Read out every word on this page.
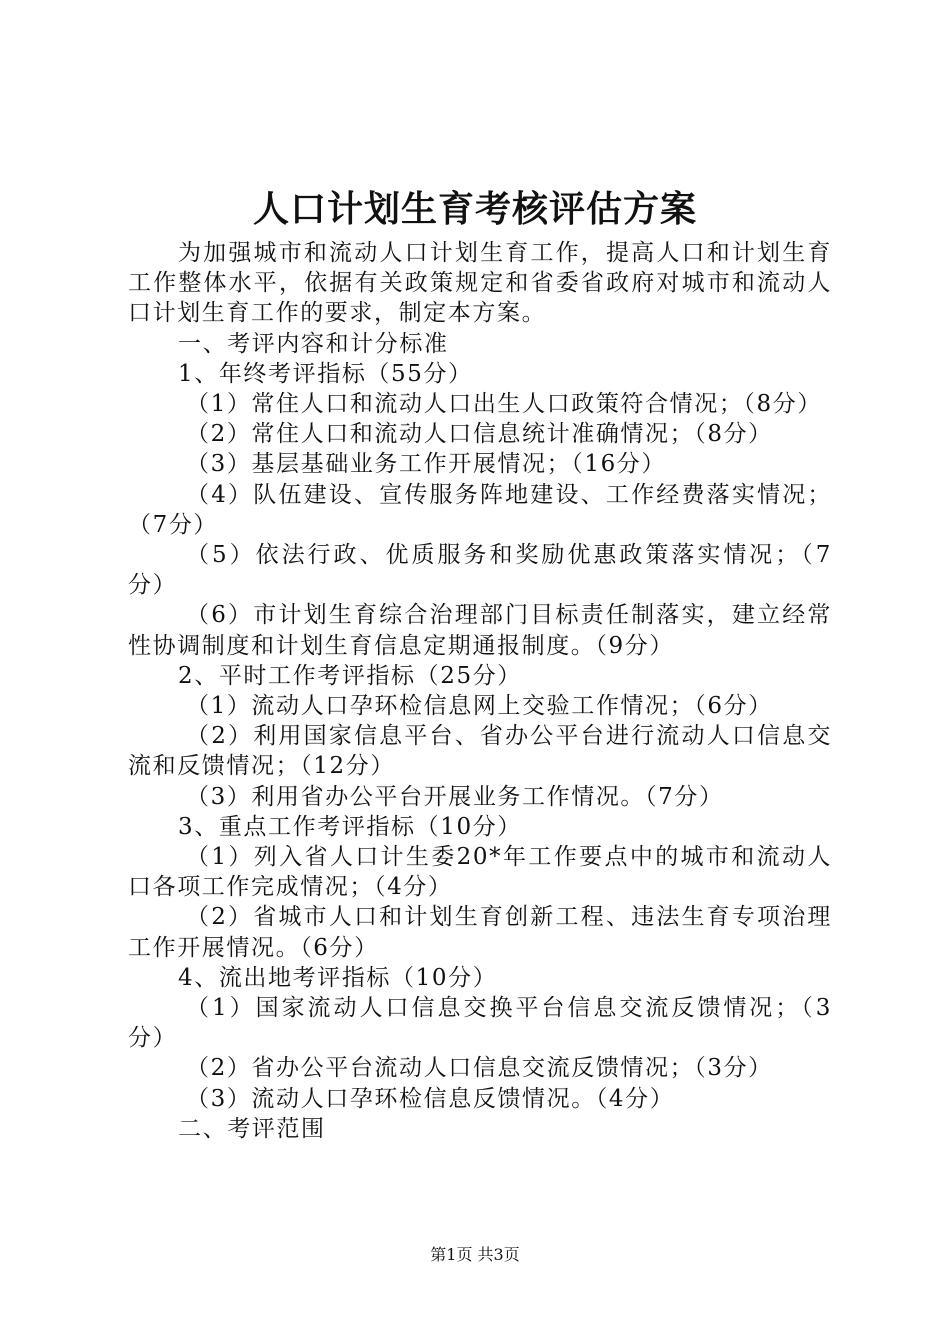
人口计划生育考核评估方案

为加强城市和流动人口计划生育工作，提高人口和计划生育工作整体水平，依据有关政策规定和省委省政府对城市和流动人口计划生育工作的要求，制定本方案。

一、考评内容和计分标准

1、年终考评指标（55分）

（1）常住人口和流动人口出生人口政策符合情况；（8分）

（2）常住人口和流动人口信息统计准确情况；（8分）

（3）基层基础业务工作开展情况；（16分）

（4）队伍建设、宣传服务阵地建设、工作经费落实情况；（7分）

（5）依法行政、优质服务和奖励优惠政策落实情况；（7分）

（6）市计划生育综合治理部门目标责任制落实，建立经常性协调制度和计划生育信息定期通报制度。（9分）

2、平时工作考评指标（25分）

（1）流动人口孕环检信息网上交验工作情况；（6分）

（2）利用国家信息平台、省办公平台进行流动人口信息交流和反馈情况；（12分）

（3）利用省办公平台开展业务工作情况。（7分）

3、重点工作考评指标（10分）

（1）列入省人口计生委20*年工作要点中的城市和流动人口各项工作完成情况；（4分）

（2）省城市人口和计划生育创新工程、违法生育专项治理工作开展情况。（6分）

4、流出地考评指标（10分）

（1）国家流动人口信息交换平台信息交流反馈情况；（3分）

（2）省办公平台流动人口信息交流反馈情况；（3分）

（3）流动人口孕环检信息反馈情况。（4分）

二、考评范围

第1页 共3页
